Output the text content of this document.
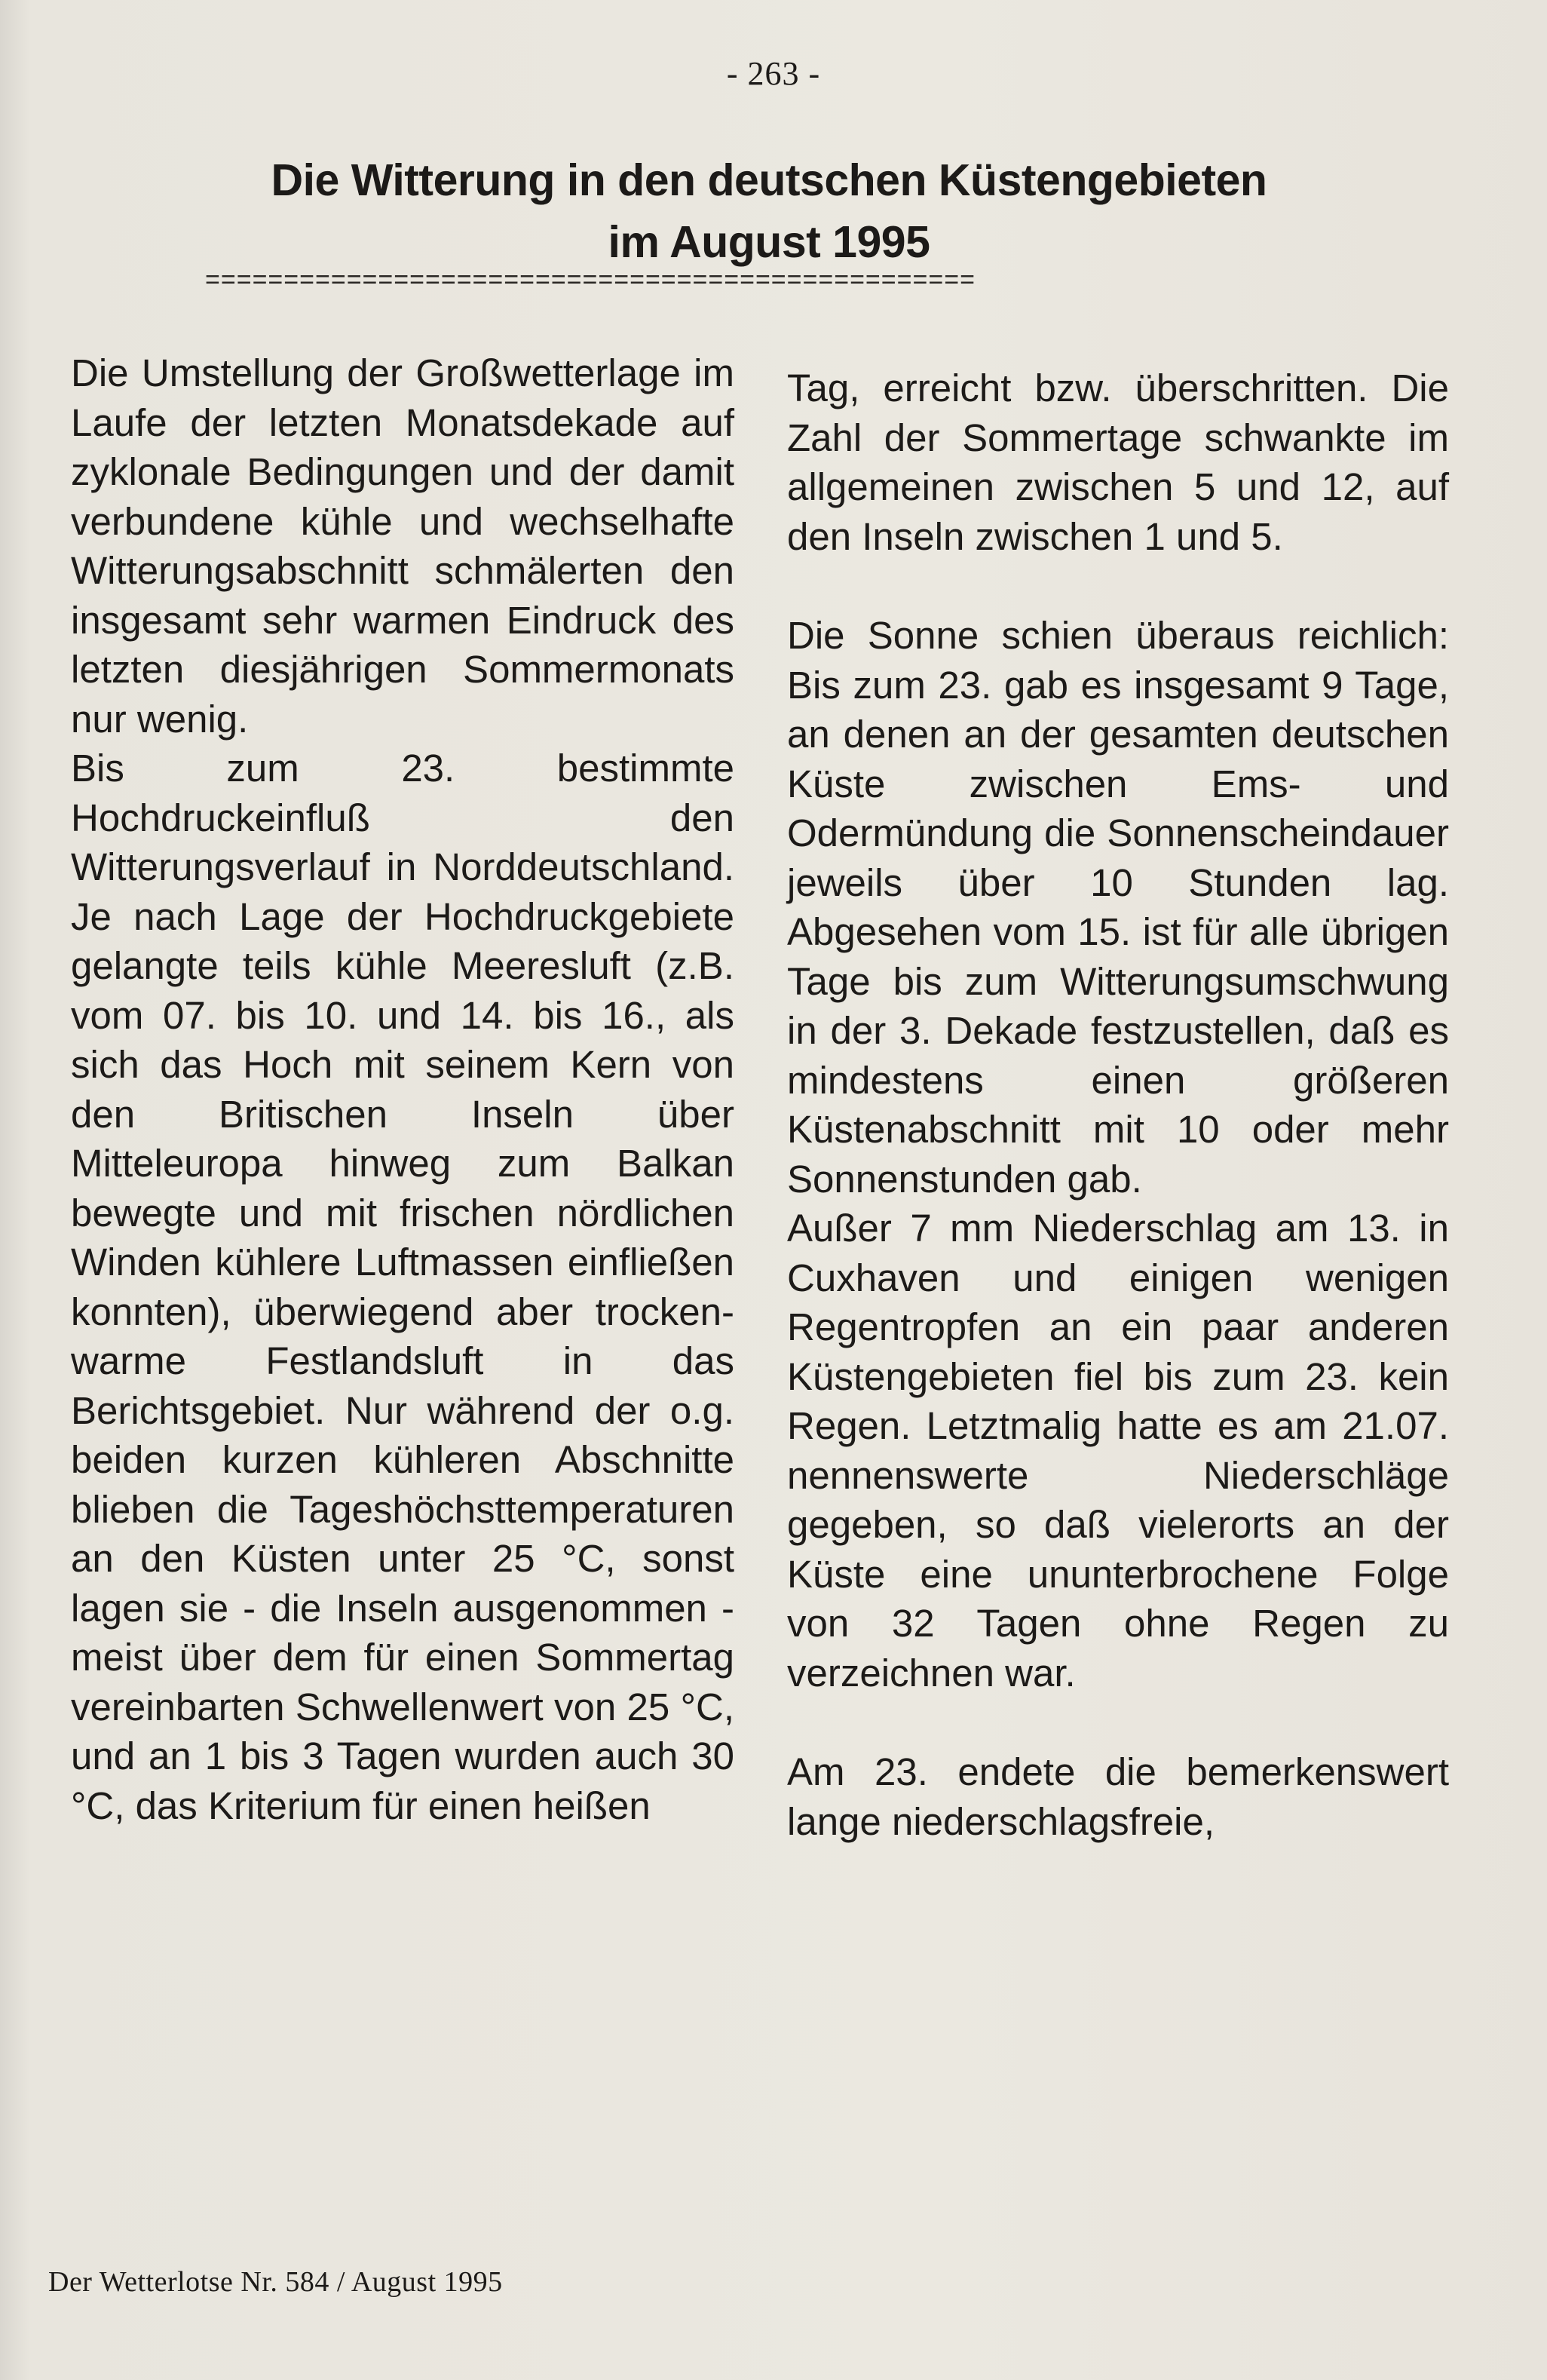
- 263 -
Die Witterung in den deutschen Küstengebieten
im August 1995
=================================================

Die Umstellung der Großwetterlage im Laufe der letzten Monatsdekade auf zyklonale Bedingungen und der damit verbundene kühle und wechselhafte Witterungsabschnitt schmälerten den insgesamt sehr warmen Eindruck des letzten diesjährigen Sommermonats nur wenig.

Bis zum 23. bestimmte Hochdruckeinfluß den Witterungsverlauf in Norddeutschland. Je nach Lage der Hochdruckgebiete gelangte teils kühle Meeresluft (z.B. vom 07. bis 10. und 14. bis 16., als sich das Hoch mit seinem Kern von den Britischen Inseln über Mitteleuropa hinweg zum Balkan bewegte und mit frischen nördlichen Winden kühlere Luftmassen einfließen konnten), überwiegend aber trocken-warme Festlandsluft in das Berichtsgebiet. Nur während der o.g. beiden kurzen kühleren Abschnitte blieben die Tageshöchsttemperaturen an den Küsten unter 25 °C, sonst lagen sie - die Inseln ausgenommen - meist über dem für einen Sommertag vereinbarten Schwellenwert von 25 °C, und an 1 bis 3 Tagen wurden auch 30 °C, das Kriterium für einen heißen

Tag, erreicht bzw. überschritten. Die Zahl der Sommertage schwankte im allgemeinen zwischen 5 und 12, auf den Inseln zwischen 1 und 5.

Die Sonne schien überaus reichlich: Bis zum 23. gab es insgesamt 9 Tage, an denen an der gesamten deutschen Küste zwischen Ems- und Odermündung die Sonnenscheindauer jeweils über 10 Stunden lag. Abgesehen vom 15. ist für alle übrigen Tage bis zum Witterungsumschwung in der 3. Dekade festzustellen, daß es mindestens einen größeren Küstenabschnitt mit 10 oder mehr Sonnenstunden gab.

Außer 7 mm Niederschlag am 13. in Cuxhaven und einigen wenigen Regentropfen an ein paar anderen Küstengebieten fiel bis zum 23. kein Regen. Letztmalig hatte es am 21.07. nennenswerte Niederschläge gegeben, so daß vielerorts an der Küste eine ununterbrochene Folge von 32 Tagen ohne Regen zu verzeichnen war.

Am 23. endete die bemerkenswert lange niederschlagsfreie,

Der Wetterlotse Nr. 584 / August 1995
